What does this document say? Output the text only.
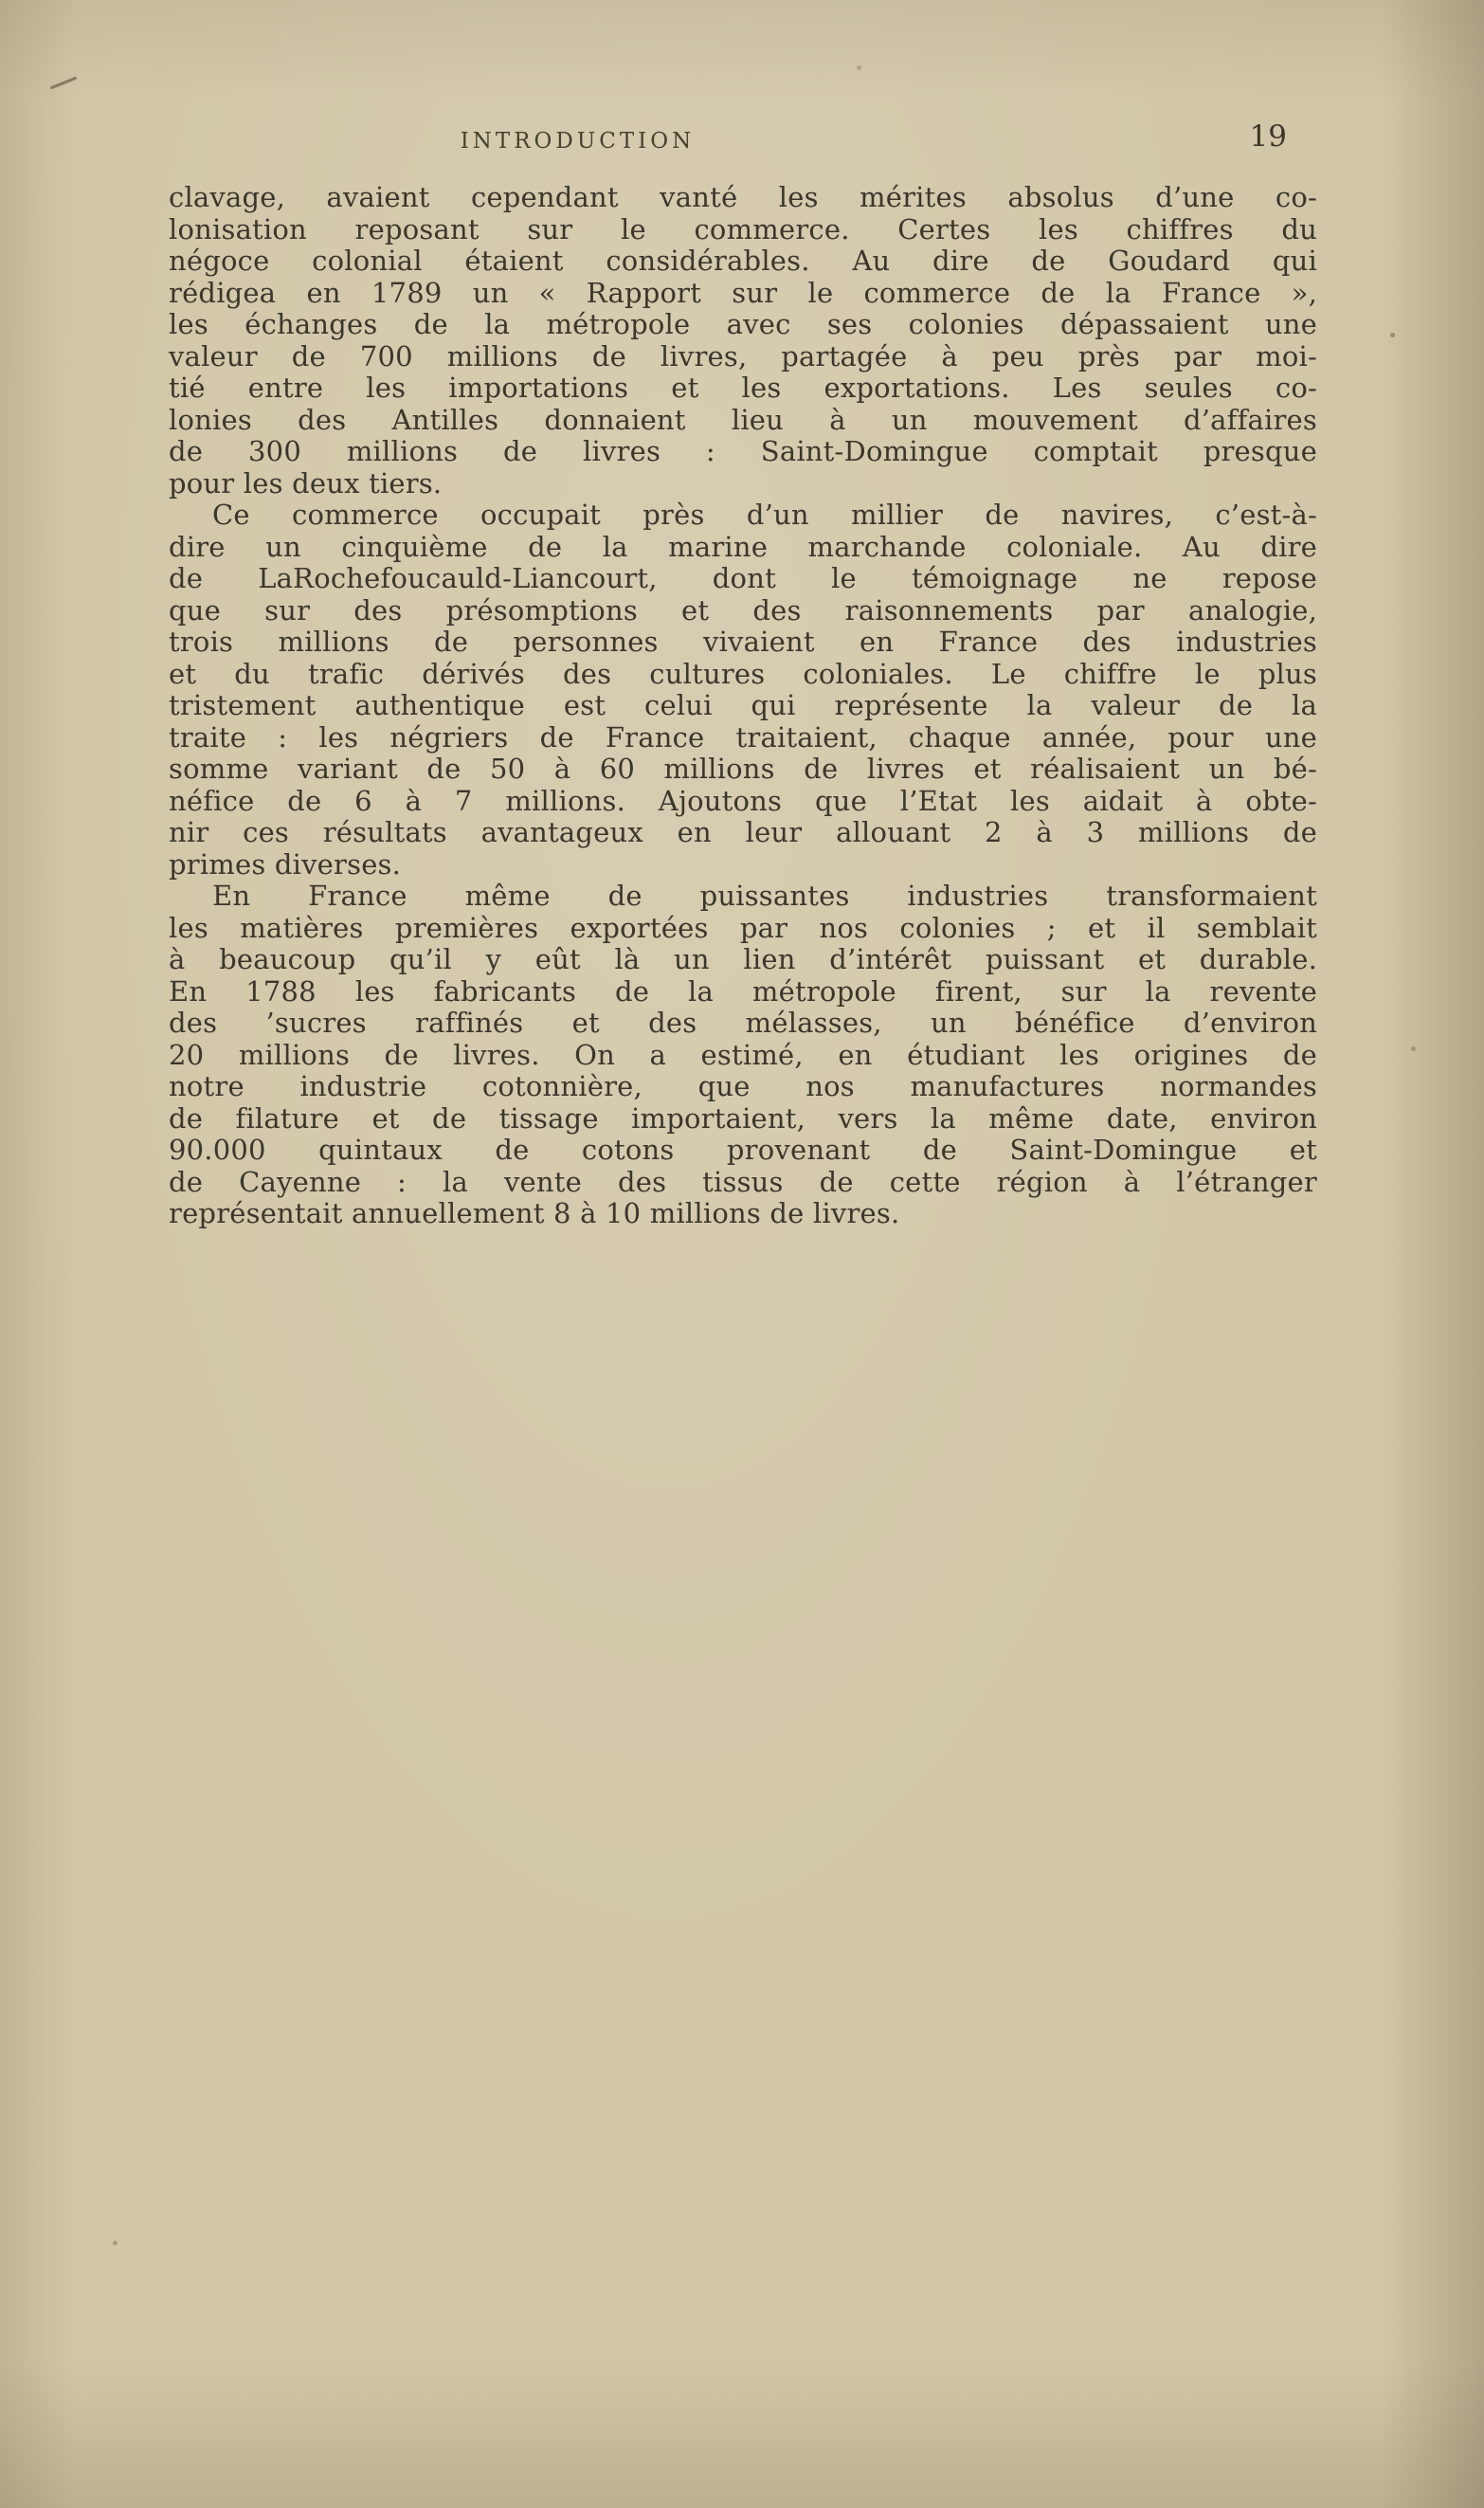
INTRODUCTION	19

clavage, avaient cependant vanté les mérites absolus d’une co-
lonisation reposant sur le commerce. Certes les chiffres du
négoce colonial étaient considérables. Au dire de Goudard qui
rédigea en 1789 un « Rapport sur le commerce de la France »,
les échanges de la métropole avec ses colonies dépassaient une
valeur de 700 millions de livres, partagée à peu près par moi-
tié entre les importations et les exportations. Les seules co-
lonies des Antilles donnaient lieu à un mouvement d’affaires
de 300 millions de livres : Saint-Domingue comptait presque
pour les deux tiers.

Ce commerce occupait près d’un millier de navires, c’est-à-
dire un cinquième de la marine marchande coloniale. Au dire
de LaRochefoucauld-Liancourt, dont le témoignage ne repose
que sur des présomptions et des raisonnements par analogie,
trois millions de personnes vivaient en France des industries
et du trafic dérivés des cultures coloniales. Le chiffre le plus
tristement authentique est celui qui représente la valeur de la
traite : les négriers de France traitaient, chaque année, pour une
somme variant de 50 à 60 millions de livres et réalisaient un bé-
néfice de 6 à 7 millions. Ajoutons que l’Etat les aidait à obte-
nir ces résultats avantageux en leur allouant 2 à 3 millions de
primes diverses.

En France même de puissantes industries transformaient
les matières premières exportées par nos colonies ; et il semblait
à beaucoup qu’il y eût là un lien d’intérêt puissant et durable.
En 1788 les fabricants de la métropole firent, sur la revente
des ’sucres raffinés et des mélasses, un bénéfice d’environ
20 millions de livres. On a estimé, en étudiant les origines de
notre industrie cotonnière, que nos manufactures normandes
de filature et de tissage importaient, vers la même date, environ
90.000 quintaux de cotons provenant de Saint-Domingue et
de Cayenne : la vente des tissus de cette région à l’étranger
représentait annuellement 8 à 10 millions de livres.
